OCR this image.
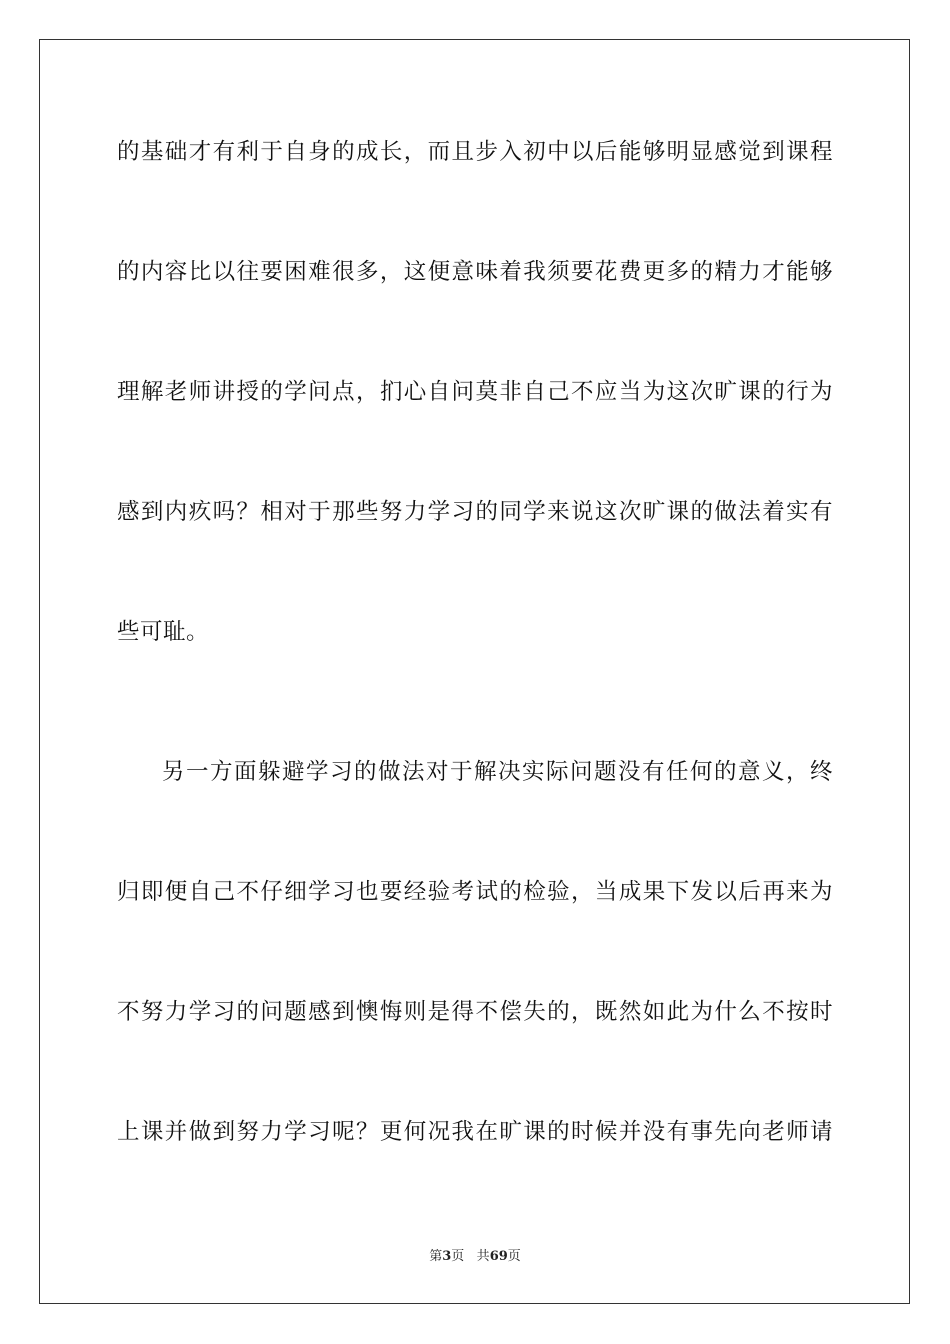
的基础才有利于自身的成长，而且步入初中以后能够明显感觉到课程
的内容比以往要困难很多，这便意味着我须要花费更多的精力才能够
理解老师讲授的学问点，扪心自问莫非自己不应当为这次旷课的行为
感到内疚吗？相对于那些努力学习的同学来说这次旷课的做法着实有
些可耻。
另一方面躲避学习的做法对于解决实际问题没有任何的意义，终
归即便自己不仔细学习也要经验考试的检验，当成果下发以后再来为
不努力学习的问题感到懊悔则是得不偿失的，既然如此为什么不按时
上课并做到努力学习呢？更何况我在旷课的时候并没有事先向老师请
第3页 共69页
